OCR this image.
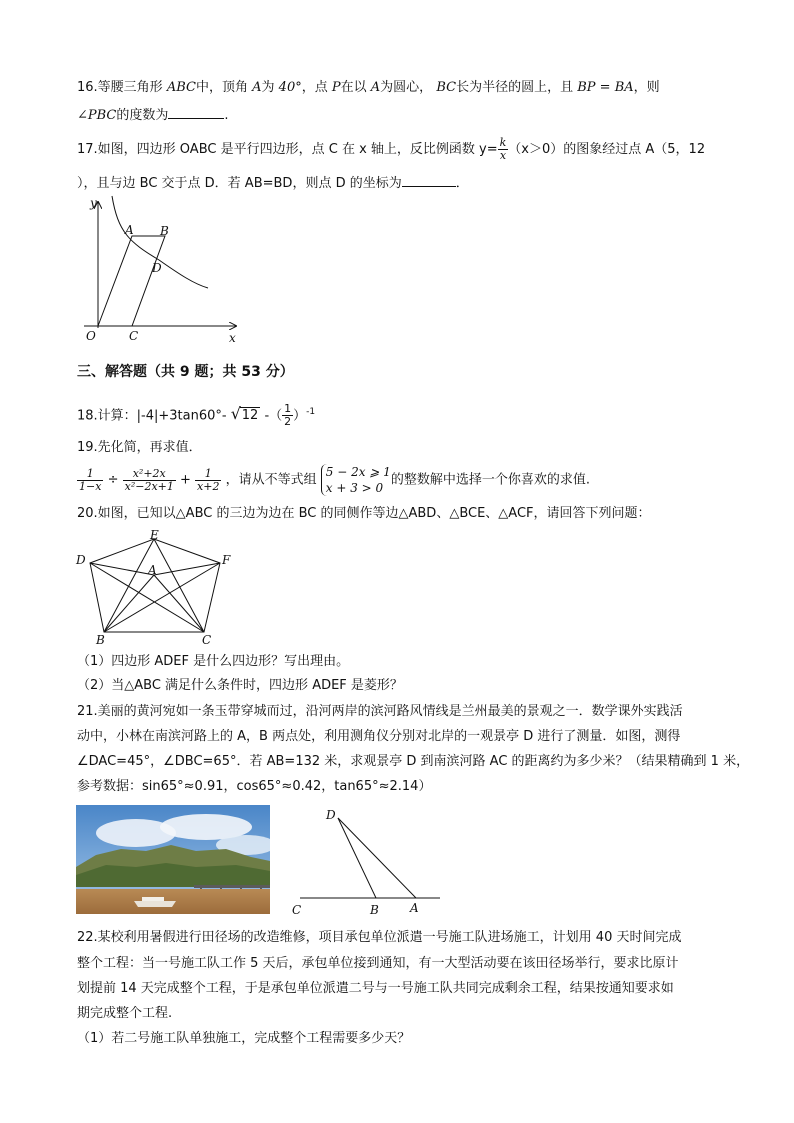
16.等腰三角形 ABC中，顶角 A为 40°，点 P在以 A为圆心， BC长为半径的圆上，且 BP = BA，则
∠PBC的度数为	.
17.如图，四边形 OABC 是平行四边形，点 C 在 x 轴上，反比例函数 $y= \frac{k}{x} (x>0)$的图象经过点 A（5，12
），且与边 BC 交于点 D．若 AB=BD，则点 D 的坐标为	．
y
A B
D
O	C	x
三、解答题（共 9 题；共 53 分）
18.计算：|-4|+3tan60°- √ 12 -（ $\frac{1}{2} )^{-1}$
19.先化简，再求值．
$\frac{1}{1-x} \div \frac{\text{x²+2x}}{\text{x²−2x+1}} + \frac{1}{x+2}$ ，请从不等式组
5 − 2x ⩾ 1
x + 3 > 0
的整数解中选择一个你喜欢的求值.
20.如图，已知以△ABC 的三边为边在 BC 的同侧作等边△ABD、△BCE、△ACF，请回答下列问题：
E
D	F
A
B	C
（1）四边形 ADEF 是什么四边形？写出理由。
（2）当△ABC 满足什么条件时，四边形 ADEF 是菱形？
21.美丽的黄河宛如一条玉带穿城而过，沿河两岸的滨河路风情线是兰州最美的景观之一．数学课外实践活
动中，小林在南滨河路上的 A，B 两点处，利用测角仪分别对北岸的一观景亭 D 进行了测量．如图，测得
∠DAC=45°，∠DBC=65°．若 AB=132 米，求观景亭 D 到南滨河路 AC 的距离约为多少米？（结果精确到 1 米，
参考数据：sin65°≈0.91，cos65°≈0.42，tan65°≈2.14）
D
C	B	A
22.某校利用暑假进行田径场的改造维修，项目承包单位派遣一号施工队进场施工，计划用 40 天时间完成
整个工程：当一号施工队工作 5 天后，承包单位接到通知，有一大型活动要在该田径场举行，要求比原计
划提前 14 天完成整个工程，于是承包单位派遣二号与一号施工队共同完成剩余工程，结果按通知要求如
期完成整个工程.
（1）若二号施工队单独施工，完成整个工程需要多少天？
